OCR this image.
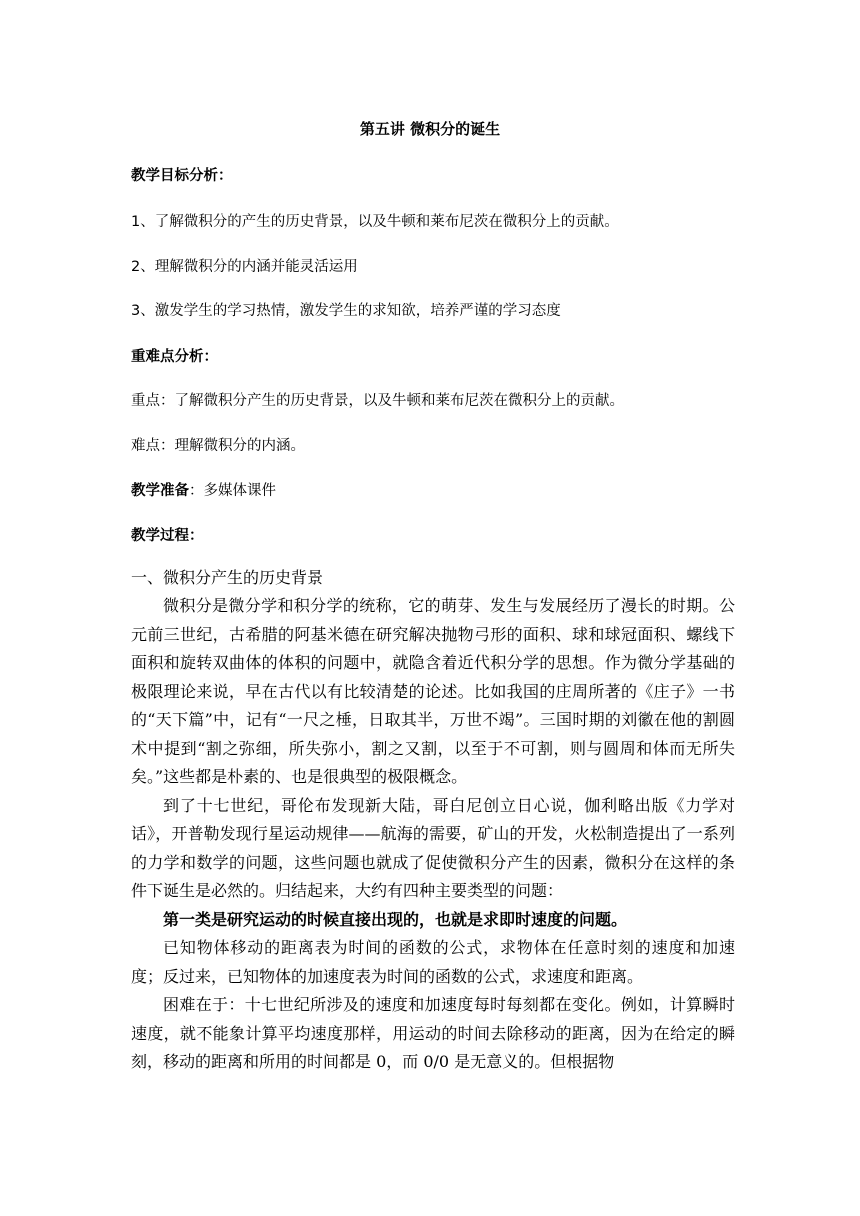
第五讲 微积分的诞生
教学目标分析：
1、了解微积分的产生的历史背景，以及牛顿和莱布尼茨在微积分上的贡献。
2、理解微积分的内涵并能灵活运用
3、激发学生的学习热情，激发学生的求知欲，培养严谨的学习态度
重难点分析：
重点：了解微积分产生的历史背景，以及牛顿和莱布尼茨在微积分上的贡献。
难点：理解微积分的内涵。
教学准备：多媒体课件
教学过程：
一、微积分产生的历史背景

微积分是微分学和积分学的统称，它的萌芽、发生与发展经历了漫长的时期。公元前三世纪，古希腊的阿基米德在研究解决抛物弓形的面积、球和球冠面积、螺线下面积和旋转双曲体的体积的问题中，就隐含着近代积分学的思想。作为微分学基础的极限理论来说，早在古代以有比较清楚的论述。比如我国的庄周所著的《庄子》一书的“天下篇”中，记有“一尺之棰，日取其半，万世不竭”。三国时期的刘徽在他的割圆术中提到“割之弥细，所失弥小，割之又割，以至于不可割，则与圆周和体而无所失矣。”这些都是朴素的、也是很典型的极限概念。

到了十七世纪，哥伦布发现新大陆，哥白尼创立日心说，伽利略出版《力学对话》，开普勒发现行星运动规律——航海的需要，矿山的开发，火松制造提出了一系列的力学和数学的问题，这些问题也就成了促使微积分产生的因素，微积分在这样的条件下诞生是必然的。归结起来，大约有四种主要类型的问题：

第一类是研究运动的时候直接出现的，也就是求即时速度的问题。

已知物体移动的距离表为时间的函数的公式，求物体在任意时刻的速度和加速度；反过来，已知物体的加速度表为时间的函数的公式，求速度和距离。

困难在于：十七世纪所涉及的速度和加速度每时每刻都在变化。例如，计算瞬时速度，就不能象计算平均速度那样，用运动的时间去除移动的距离，因为在给定的瞬刻，移动的距离和所用的时间都是 0，而 0/0 是无意义的。但根据物
